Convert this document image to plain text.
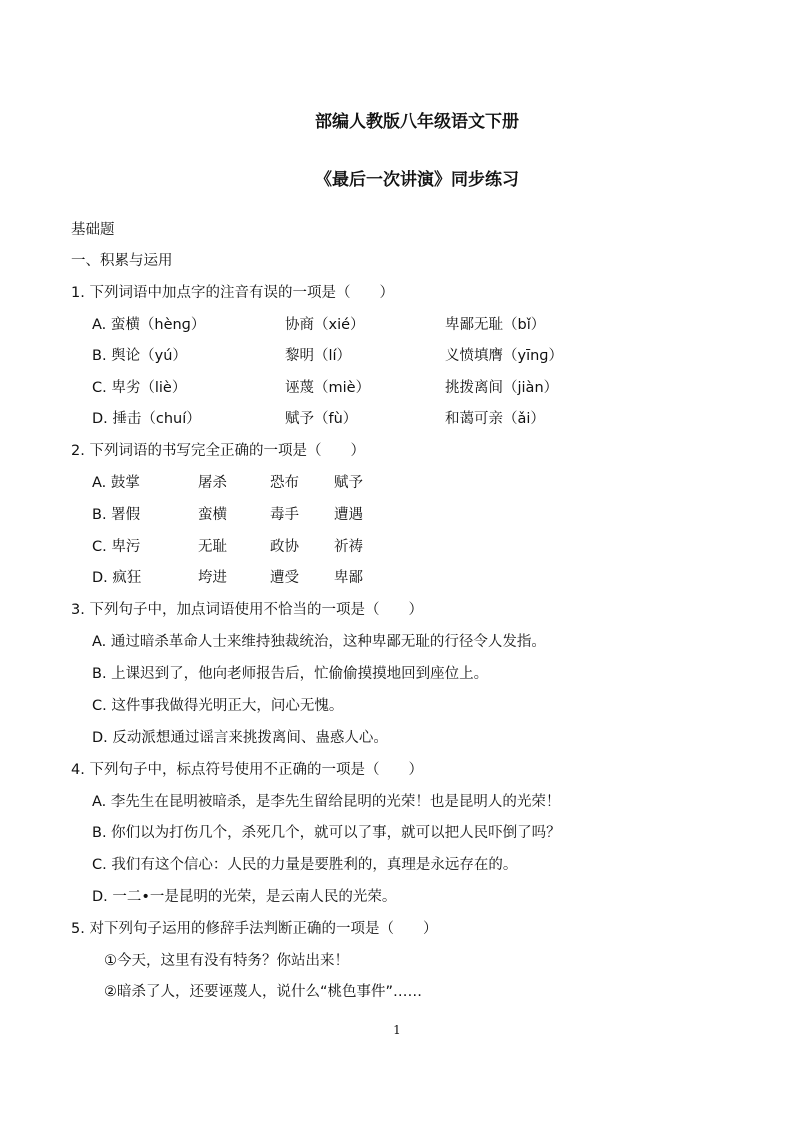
部编人教版八年级语文下册
《最后一次讲演》同步练习
基础题
一、积累与运用
1. 下列词语中加点字的注音有误的一项是（　　）
A. 蛮横（hènɡ）	协商（xié）	卑鄙无耻（bǐ）
B. 舆论（yú）	黎明（lí）	义愤填膺（yīnɡ）
C. 卑劣（liè）	诬蔑（miè）	挑拨离间（jiàn）
D. 捶击（chuí）	赋予（fù）	和蔼可亲（ǎi）
2. 下列词语的书写完全正确的一项是（　　）
A. 鼓掌	屠杀	恐布 赋予
B. 署假	蛮横	毒手 遭遇
C. 卑污	无耻	政协 祈祷
D. 疯狂	垮进	遭受 卑鄙
3. 下列句子中，加点词语使用不恰当的一项是（　　）
A. 通过暗杀革命人士来维持独裁统治，这种卑鄙无耻的行径令人发指。
B. 上课迟到了，他向老师报告后，忙偷偷摸摸地回到座位上。
C. 这件事我做得光明正大，问心无愧。
D. 反动派想通过谣言来挑拨离间、蛊惑人心。
4. 下列句子中，标点符号使用不正确的一项是（　　）
A. 李先生在昆明被暗杀，是李先生留给昆明的光荣！也是昆明人的光荣！
B. 你们以为打伤几个，杀死几个，就可以了事，就可以把人民吓倒了吗？
C. 我们有这个信心：人民的力量是要胜利的，真理是永远存在的。
D. 一二•一是昆明的光荣，是云南人民的光荣。
5. 对下列句子运用的修辞手法判断正确的一项是（　　）
①今天，这里有没有特务？你站出来！
②暗杀了人，还要诬蔑人，说什么“桃色事件”……
1
